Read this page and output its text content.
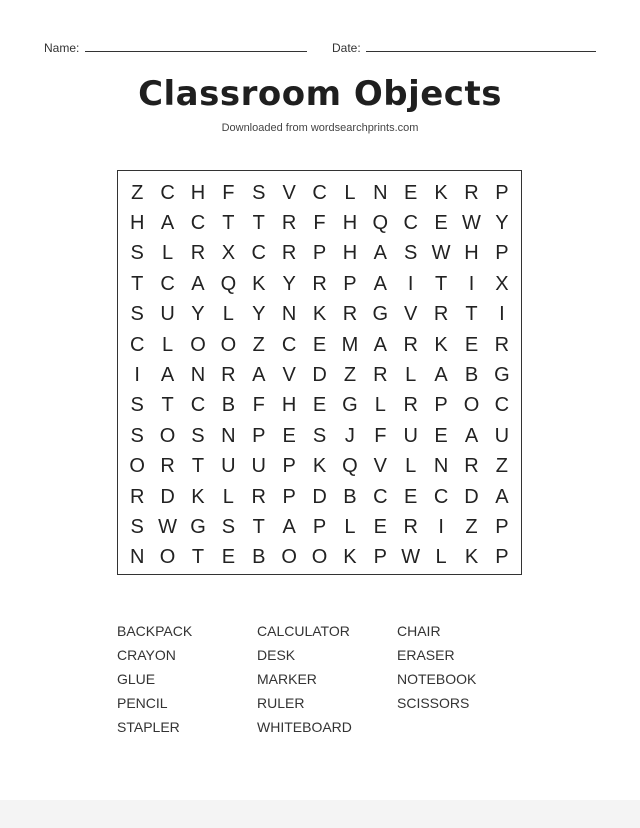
Name:	Date:
Classroom Objects
Downloaded from wordsearchprints.com
Z C H F S V C L N E K R P
H A C T T R F H Q C E W Y
S L R X C R P H A S W H P
T C A Q K Y R P A	I	T	I	X
S U Y L Y N K R G V R T	I
C L O O Z C E M A R K E R
I	A N R A V D Z R L A B G
S T C B F H E G L R P O C
S O S N P E S J F U E A U
O R T U U P K Q V L N R Z
R D K L R P D B C E C D A
S W G S T A P L E R	I	Z P
N O T E B O O K P W L K P
BACKPACK	CALCULATOR	CHAIR
CRAYON	DESK	ERASER
GLUE	MARKER	NOTEBOOK
PENCIL	RULER	SCISSORS
STAPLER	WHITEBOARD
